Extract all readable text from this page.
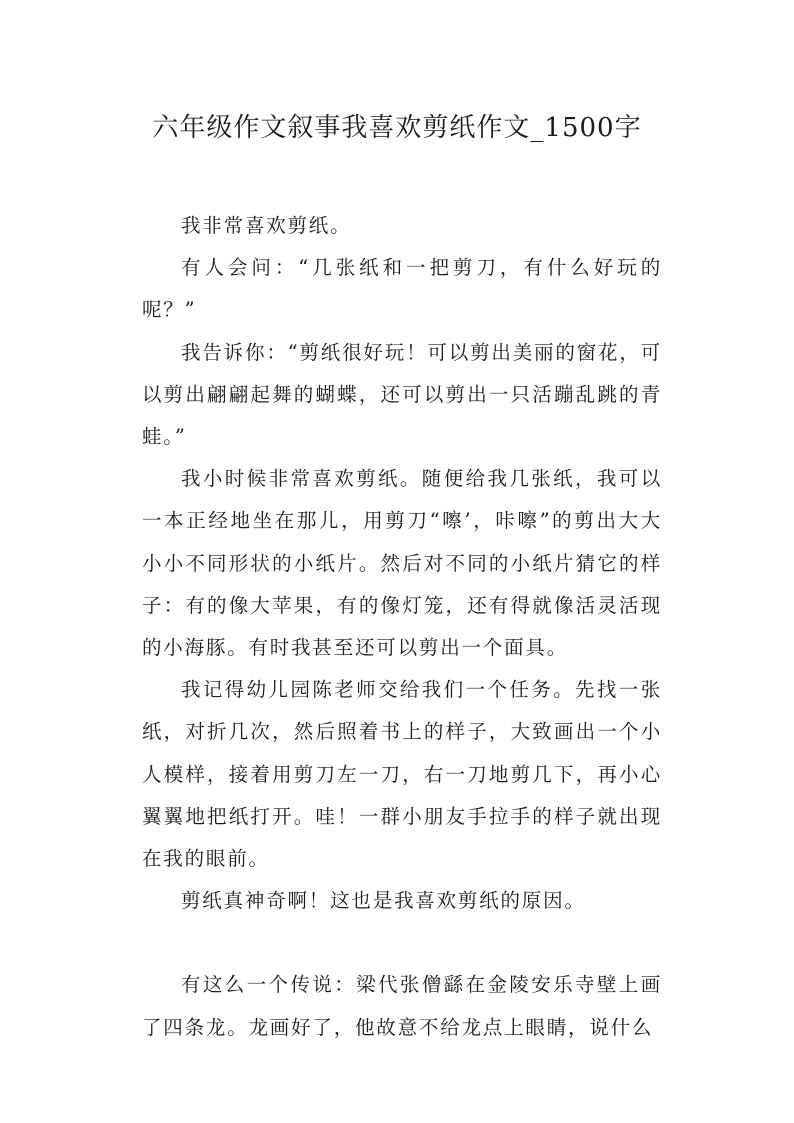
六年级作文叙事我喜欢剪纸作文_1500字

我非常喜欢剪纸。

有人会问：“几张纸和一把剪刀，有什么好玩的呢？”

我告诉你：“剪纸很好玩！可以剪出美丽的窗花，可以剪出翩翩起舞的蝴蝶，还可以剪出一只活蹦乱跳的青蛙。”

我小时候非常喜欢剪纸。随便给我几张纸，我可以一本正经地坐在那儿，用剪刀“嚓’，咔嚓”的剪出大大小小不同形状的小纸片。然后对不同的小纸片猜它的样子：有的像大苹果，有的像灯笼，还有得就像活灵活现的小海豚。有时我甚至还可以剪出一个面具。

我记得幼儿园陈老师交给我们一个任务。先找一张纸，对折几次，然后照着书上的样子，大致画出一个小人模样，接着用剪刀左一刀，右一刀地剪几下，再小心翼翼地把纸打开。哇！一群小朋友手拉手的样子就出现在我的眼前。

剪纸真神奇啊！这也是我喜欢剪纸的原因。

有这么一个传说：梁代张僧繇在金陵安乐寺壁上画了四条龙。龙画好了，他故意不给龙点上眼睛，说什么
